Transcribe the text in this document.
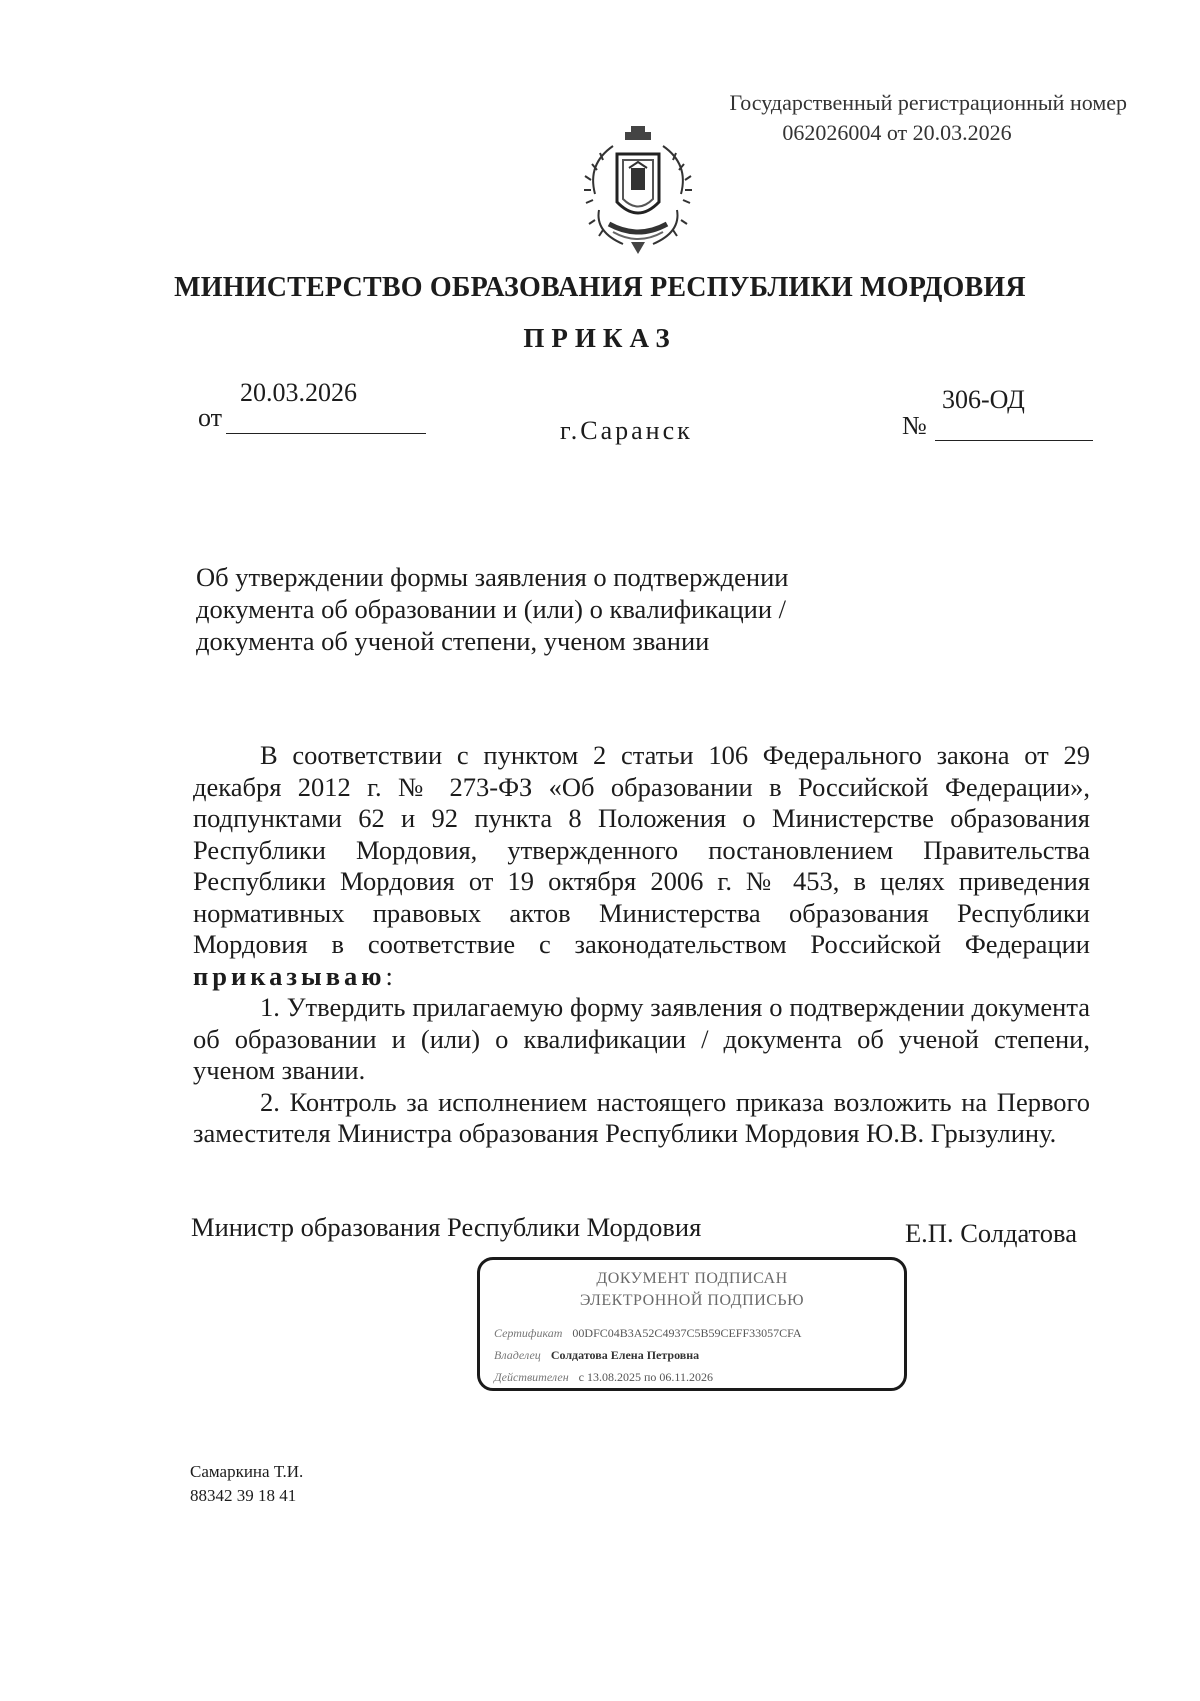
Государственный регистрационный номер
062026004 от 20.03.2026
МИНИСТЕРСТВО ОБРАЗОВАНИЯ РЕСПУБЛИКИ МОРДОВИЯ
ПРИКАЗ
20.03.2026
от	г.Саранск
306-ОД
№
Об утверждении формы заявления о подтверждении документа об образовании и (или) о квалификации / документа об ученой степени, ученом звании

В соответствии с пунктом 2 статьи 106 Федерального закона от 29 декабря 2012 г. № 273-ФЗ «Об образовании в Российской Федерации», подпунктами 62 и 92 пункта 8 Положения о Министерстве образования Республики Мордовия, утвержденного постановлением Правительства Республики Мордовия от 19 октября 2006 г. № 453, в целях приведения нормативных правовых актов Министерства образования Республики Мордовия в соответствие с законодательством Российской Федерации приказываю:

1. Утвердить прилагаемую форму заявления о подтверждении документа об образовании и (или) о квалификации / документа об ученой степени, ученом звании.

2. Контроль за исполнением настоящего приказа возложить на Первого заместителя Министра образования Республики Мордовия Ю.В. Грызулину.

Министр образования Республики Мордовия	Е.П. Солдатова
ДОКУМЕНТ ПОДПИСАН
ЭЛЕКТРОННОЙ ПОДПИСЬЮ
Сертификат 00DFC04B3A52C4937C5B59CEFF33057CFA
Владелец Солдатова Елена Петровна
Действителен с 13.08.2025 по 06.11.2026
Самаркина Т.И.
88342 39 18 41
